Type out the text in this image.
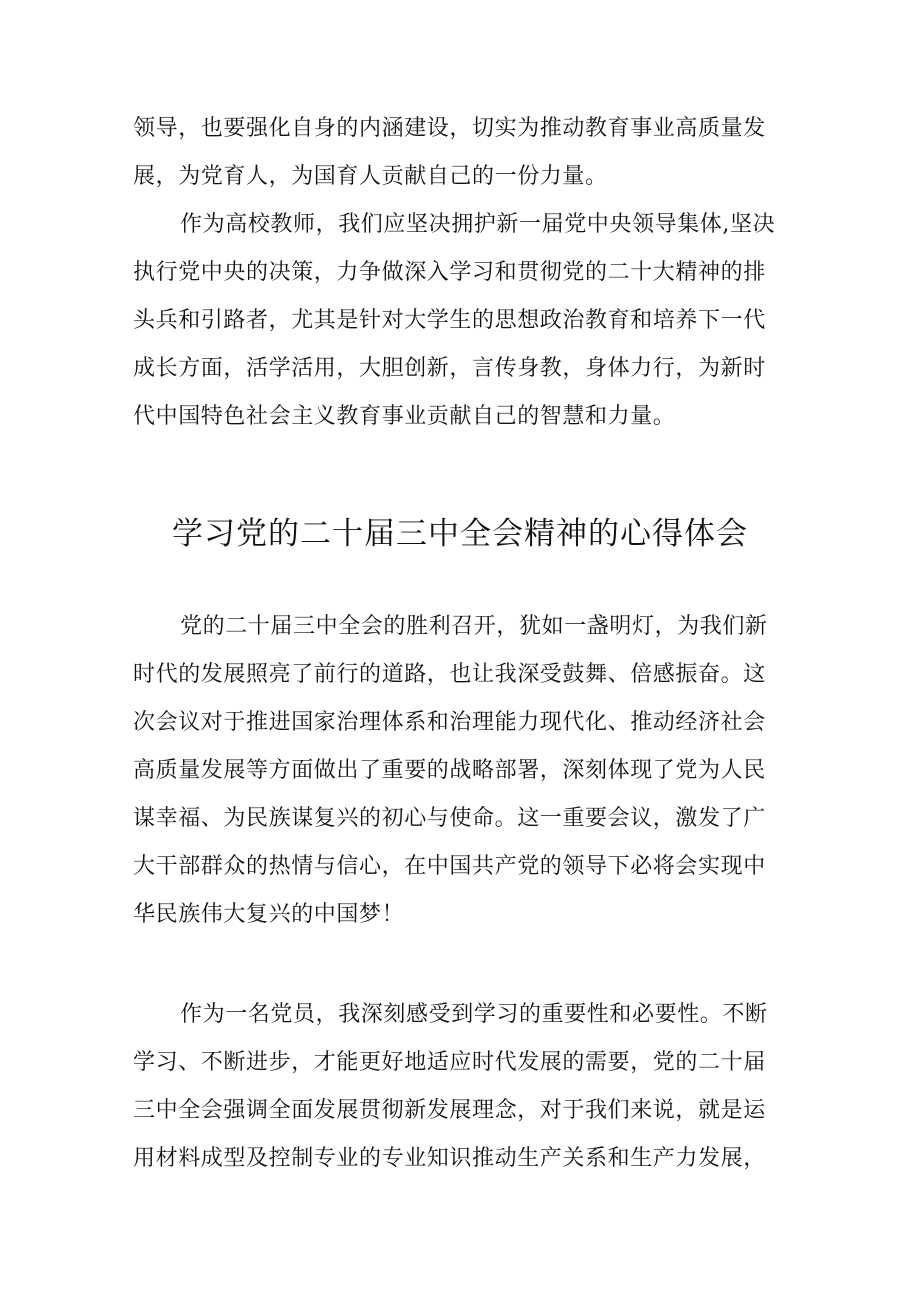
领导，也要强化自身的内涵建设，切实为推动教育事业高质量发
展，为党育人，为国育人贡献自己的一份力量。
作为高校教师，我们应坚决拥护新一届党中央领导集体,坚决
执行党中央的决策，力争做深入学习和贯彻党的二十大精神的排
头兵和引路者，尤其是针对大学生的思想政治教育和培养下一代
成长方面，活学活用，大胆创新，言传身教，身体力行，为新时
代中国特色社会主义教育事业贡献自己的智慧和力量。
学习党的二十届三中全会精神的心得体会
党的二十届三中全会的胜利召开，犹如一盏明灯，为我们新
时代的发展照亮了前行的道路，也让我深受鼓舞、倍感振奋。这
次会议对于推进国家治理体系和治理能力现代化、推动经济社会
高质量发展等方面做出了重要的战略部署，深刻体现了党为人民
谋幸福、为民族谋复兴的初心与使命。这一重要会议，激发了广
大干部群众的热情与信心，在中国共产党的领导下必将会实现中
华民族伟大复兴的中国梦！
作为一名党员，我深刻感受到学习的重要性和必要性。不断
学习、不断进步，才能更好地适应时代发展的需要，党的二十届
三中全会强调全面发展贯彻新发展理念，对于我们来说，就是运
用材料成型及控制专业的专业知识推动生产关系和生产力发展，
